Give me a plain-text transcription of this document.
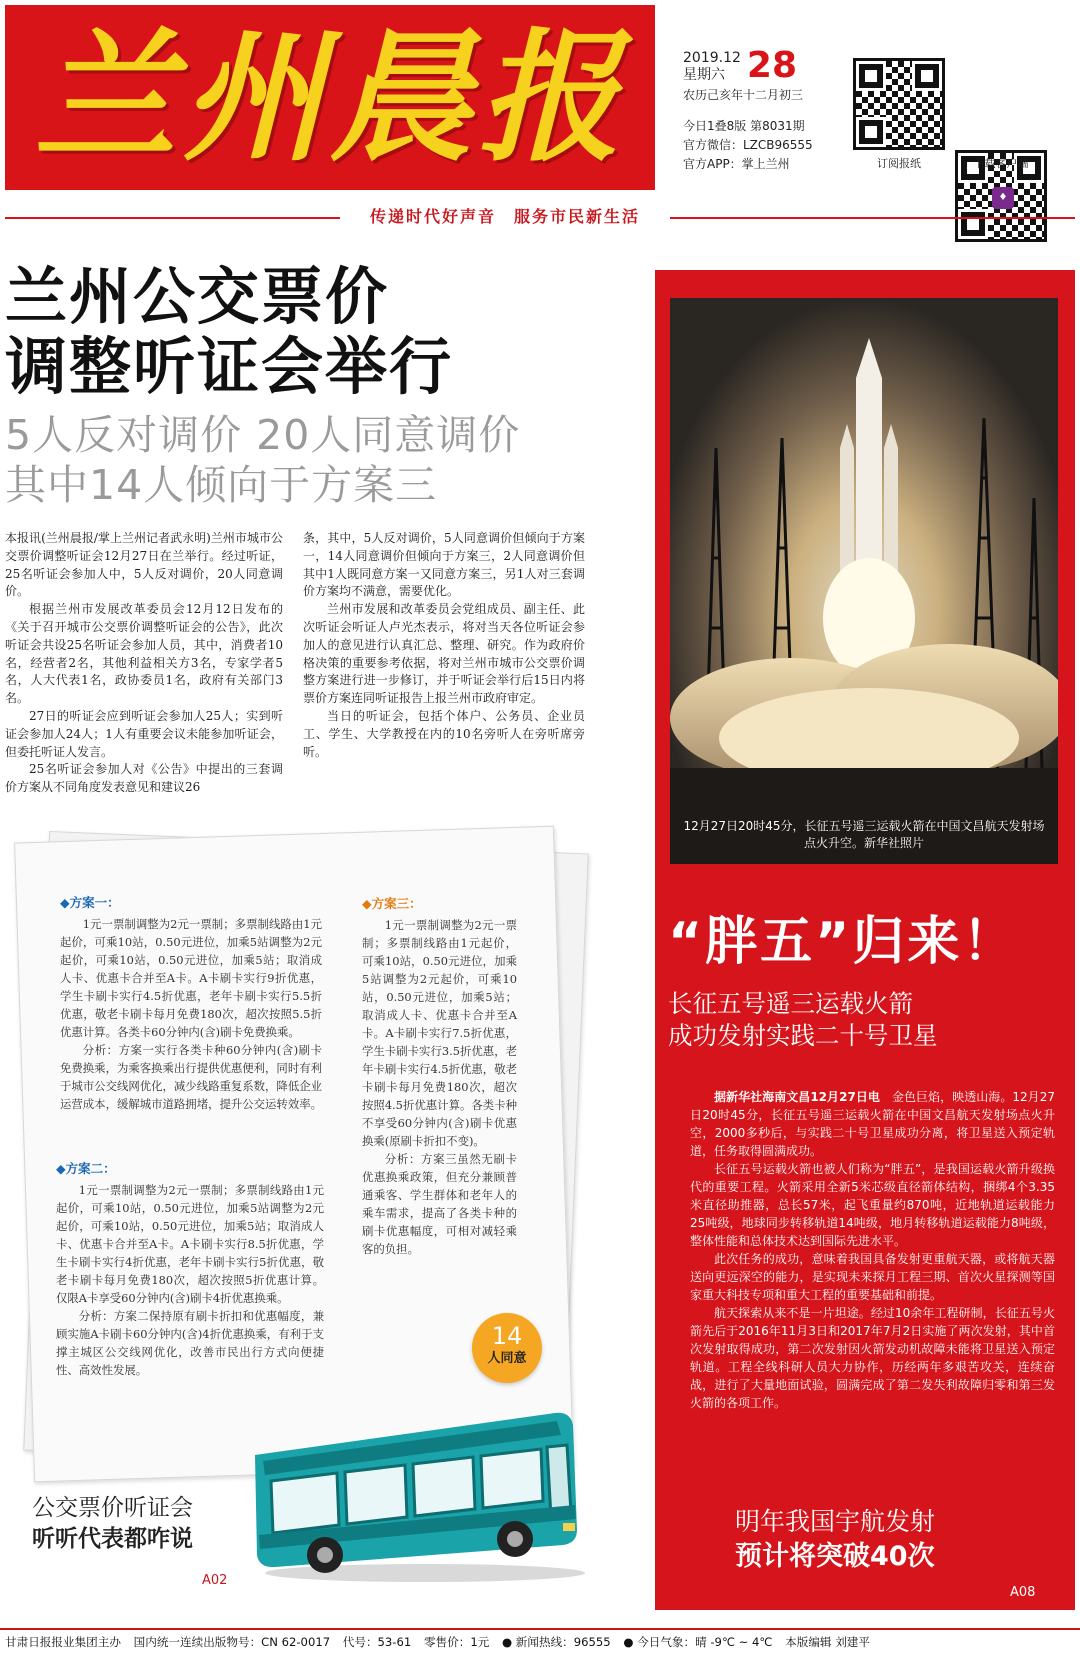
兰州晨报	2019.12
星期六 28
农历己亥年十二月初三
今日1叠8版 第8031期
官方微信：LZCB96555
官方APP：掌上兰州
♦
订阅报纸	下载客户端
传递时代好声音　服务市民新生活
兰州公交票价
调整听证会举行
5人反对调价 20人同意调价
其中14人倾向于方案三

本报讯(兰州晨报/掌上兰州记者武永明)兰州市城市公交票价调整听证会12月27日在兰举行。经过听证，25名听证会参加人中，5人反对调价，20人同意调价。

根据兰州市发展改革委员会12月12日发布的《关于召开城市公交票价调整听证会的公告》，此次听证会共设25名听证会参加人员，其中，消费者10名，经营者2名，其他利益相关方3名，专家学者5名，人大代表1名，政协委员1名，政府有关部门3名。

27日的听证会应到听证会参加人25人；实到听证会参加人24人；1人有重要会议未能参加听证会，但委托听证人发言。

25名听证会参加人对《公告》中提出的三套调价方案从不同角度发表意见和建议26

条，其中，5人反对调价，5人同意调价但倾向于方案一，14人同意调价但倾向于方案三，2人同意调价但其中1人既同意方案一又同意方案三，另1人对三套调价方案均不满意，需要优化。

兰州市发展和改革委员会党组成员、副主任、此次听证会听证人卢光杰表示，将对当天各位听证会参加人的意见进行认真汇总、整理、研究。作为政府价格决策的重要参考依据，将对兰州市城市公交票价调整方案进行进一步修订，并于听证会举行后15日内将票价方案连同听证报告上报兰州市政府审定。

当日的听证会，包括个体户、公务员、企业员工、学生、大学教授在内的10名旁听人在旁听席旁听。

◆方案一：

1元一票制调整为2元一票制；多票制线路由1元起价，可乘10站，0.50元进位，加乘5站调整为2元起价，可乘10站，0.50元进位，加乘5站；取消成人卡、优惠卡合并至A卡。A卡刷卡实行9折优惠，学生卡刷卡实行4.5折优惠，老年卡刷卡实行5.5折优惠，敬老卡刷卡每月免费180次，超次按照5.5折优惠计算。各类卡60分钟内(含)刷卡免费换乘。

分析：方案一实行各类卡种60分钟内(含)刷卡免费换乘，为乘客换乘出行提供优惠便利，同时有利于城市公交线网优化，减少线路重复系数，降低企业运营成本，缓解城市道路拥堵，提升公交运转效率。

◆方案二：

1元一票制调整为2元一票制；多票制线路由1元起价，可乘10站，0.50元进位，加乘5站调整为2元起价，可乘10站，0.50元进位，加乘5站；取消成人卡、优惠卡合并至A卡。A卡刷卡实行8.5折优惠，学生卡刷卡实行4折优惠，老年卡刷卡实行5折优惠，敬老卡刷卡每月免费180次，超次按照5折优惠计算。仅限A卡享受60分钟内(含)刷卡4折优惠换乘。

分析：方案二保持原有刷卡折扣和优惠幅度，兼顾实施A卡刷卡60分钟内(含)4折优惠换乘，有利于支撑主城区公交线网优化，改善市民出行方式向便捷性、高效性发展。

◆方案三：

1元一票制调整为2元一票制；多票制线路由1元起价，可乘10站，0.50元进位，加乘5站调整为2元起价，可乘10站，0.50元进位，加乘5站；取消成人卡、优惠卡合并至A卡。A卡刷卡实行7.5折优惠，学生卡刷卡实行3.5折优惠，老年卡刷卡实行4.5折优惠，敬老卡刷卡每月免费180次，超次按照4.5折优惠计算。各类卡种不享受60分钟内(含)刷卡优惠换乘(原刷卡折扣不变)。

分析：方案三虽然无刷卡优惠换乘政策，但充分兼顾普通乘客、学生群体和老年人的乘车需求，提高了各类卡种的刷卡优惠幅度，可相对减轻乘客的负担。

14
人同意
公交票价听证会
听听代表都咋说
A02
12月27日20时45分，长征五号遥三运载火箭在中国文昌航天发射场点火升空。新华社照片
“胖五”归来！
长征五号遥三运载火箭
成功发射实践二十号卫星

据新华社海南文昌12月27日电　 金色巨焰，映透山海。12月27日20时45分，长征五号遥三运载火箭在中国文昌航天发射场点火升空，2000多秒后，与实践二十号卫星成功分离，将卫星送入预定轨道，任务取得圆满成功。

长征五号运载火箭也被人们称为“胖五”，是我国运载火箭升级换代的重要工程。火箭采用全新5米芯级直径箭体结构，捆绑4个3.35米直径助推器，总长57米，起飞重量约870吨，近地轨道运载能力25吨级，地球同步转移轨道14吨级，地月转移轨道运载能力8吨级，整体性能和总体技术达到国际先进水平。

此次任务的成功，意味着我国具备发射更重航天器，或将航天器送向更远深空的能力，是实现未来探月工程三期、首次火星探测等国家重大科技专项和重大工程的重要基础和前提。

航天探索从来不是一片坦途。经过10余年工程研制，长征五号火箭先后于2016年11月3日和2017年7月2日实施了两次发射，其中首次发射取得成功，第二次发射因火箭发动机故障未能将卫星送入预定轨道。工程全线科研人员大力协作，历经两年多艰苦攻关，连续奋战，进行了大量地面试验，圆满完成了第二发失利故障归零和第三发火箭的各项工作。

明年我国宇航发射
预计将突破40次
A08
甘肃日报报业集团主办 国内统一连续出版物号：CN 62-0017 代号：53-61 零售价：1元 ● 新闻热线：96555 ● 今日气象：晴 -9℃ ~ 4℃ 本版编辑 刘建平
